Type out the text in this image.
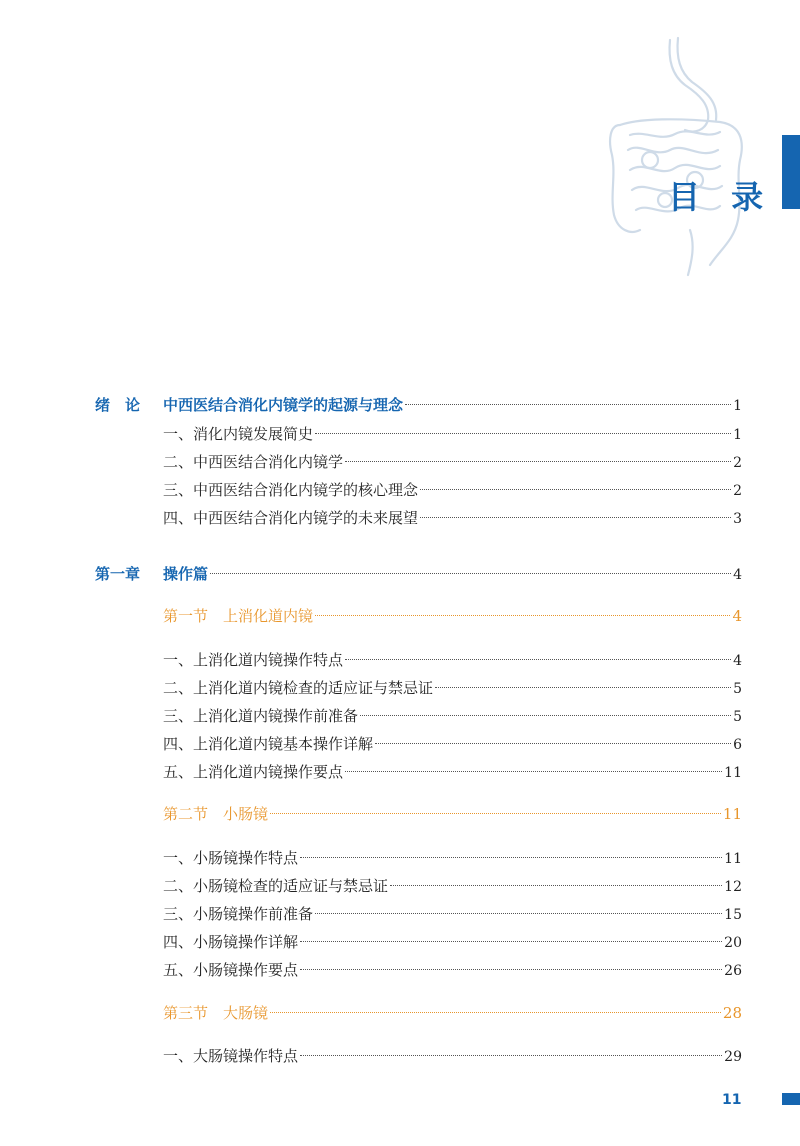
目 录
绪　论 中西医结合消化内镜学的起源与理念	1
一、消化内镜发展简史	1
二、中西医结合消化内镜学	2
三、中西医结合消化内镜学的核心理念	2
四、中西医结合消化内镜学的未来展望	3
第一章 操作篇	4
第一节　上消化道内镜	4
一、上消化道内镜操作特点	4
二、上消化道内镜检查的适应证与禁忌证	5
三、上消化道内镜操作前准备	5
四、上消化道内镜基本操作详解	6
五、上消化道内镜操作要点	11
第二节　小肠镜	11
一、小肠镜操作特点	11
二、小肠镜检查的适应证与禁忌证	12
三、小肠镜操作前准备	15
四、小肠镜操作详解	20
五、小肠镜操作要点	26
第三节　大肠镜	28
一、大肠镜操作特点	29
11
